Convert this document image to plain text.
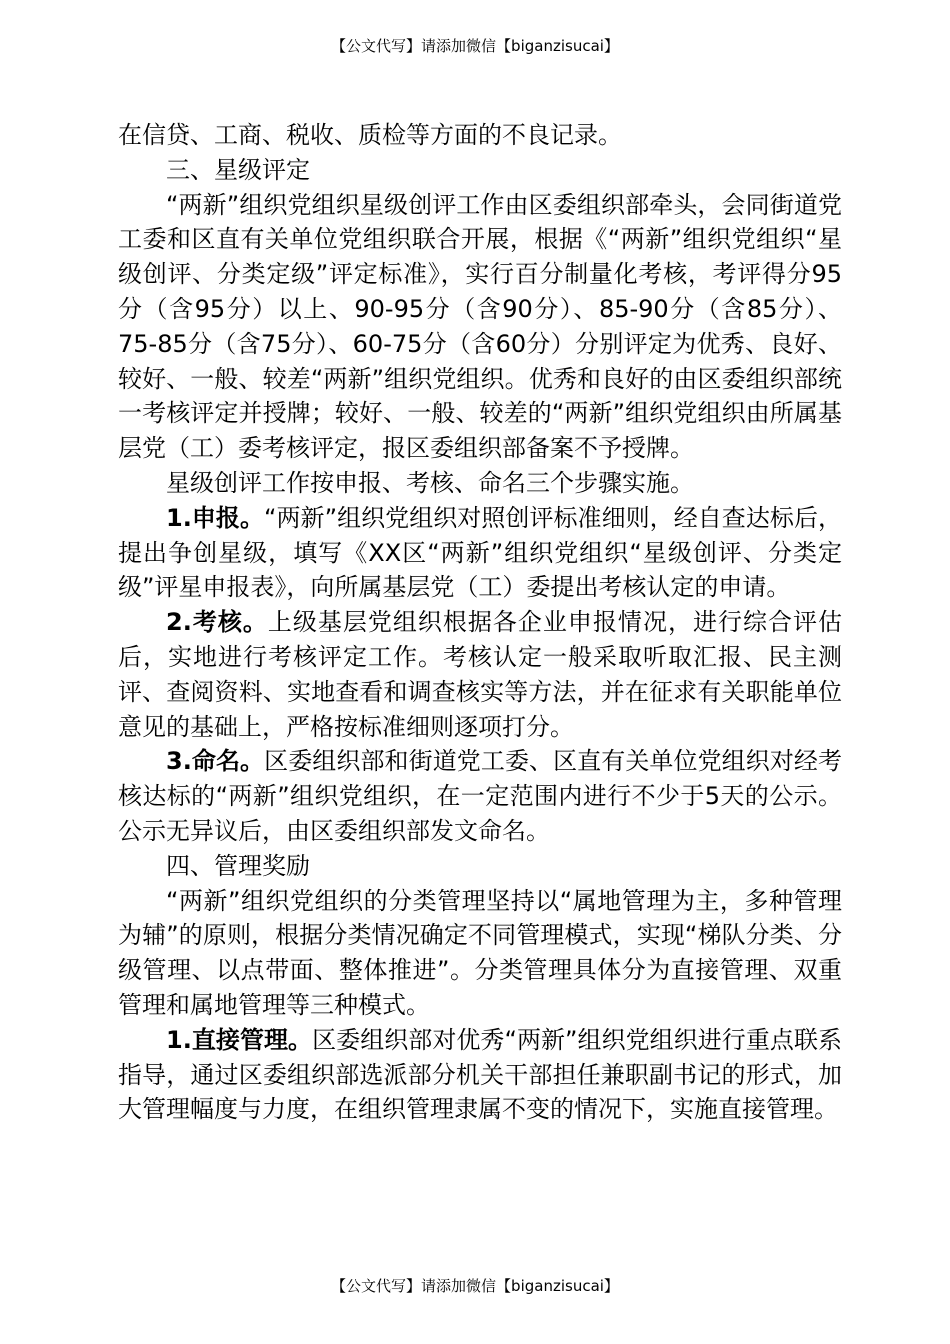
【公文代写】请添加微信【biganzisucai】

在信贷、工商、税收、质检等方面的不良记录。

三、星级评定

“两新”组织党组织星级创评工作由区委组织部牵头，会同街道党工委和区直有关单位党组织联合开展，根据《“两新”组织党组织“星级创评、分类定级”评定标准》，实行百分制量化考核，考评得分95分（含95分）以上、90-95分（含90分）、85-90分（含85分）、75-85分（含75分）、60-75分（含60分）分别评定为优秀、良好、较好、一般、较差“两新”组织党组织。优秀和良好的由区委组织部统一考核评定并授牌；较好、一般、较差的“两新”组织党组织由所属基层党（工）委考核评定，报区委组织部备案不予授牌。

星级创评工作按申报、考核、命名三个步骤实施。

1.申报。“两新”组织党组织对照创评标准细则，经自查达标后，提出争创星级，填写《XX区“两新”组织党组织“星级创评、分类定级”评星申报表》，向所属基层党（工）委提出考核认定的申请。

2.考核。上级基层党组织根据各企业申报情况，进行综合评估后，实地进行考核评定工作。考核认定一般采取听取汇报、民主测评、查阅资料、实地查看和调查核实等方法，并在征求有关职能单位意见的基础上，严格按标准细则逐项打分。

3.命名。区委组织部和街道党工委、区直有关单位党组织对经考核达标的“两新”组织党组织，在一定范围内进行不少于5天的公示。公示无异议后，由区委组织部发文命名。

四、管理奖励

“两新”组织党组织的分类管理坚持以“属地管理为主，多种管理为辅”的原则，根据分类情况确定不同管理模式，实现“梯队分类、分级管理、以点带面、整体推进”。分类管理具体分为直接管理、双重管理和属地管理等三种模式。

1.直接管理。区委组织部对优秀“两新”组织党组织进行重点联系指导，通过区委组织部选派部分机关干部担任兼职副书记的形式，加大管理幅度与力度，在组织管理隶属不变的情况下，实施直接管理。

【公文代写】请添加微信【biganzisucai】
